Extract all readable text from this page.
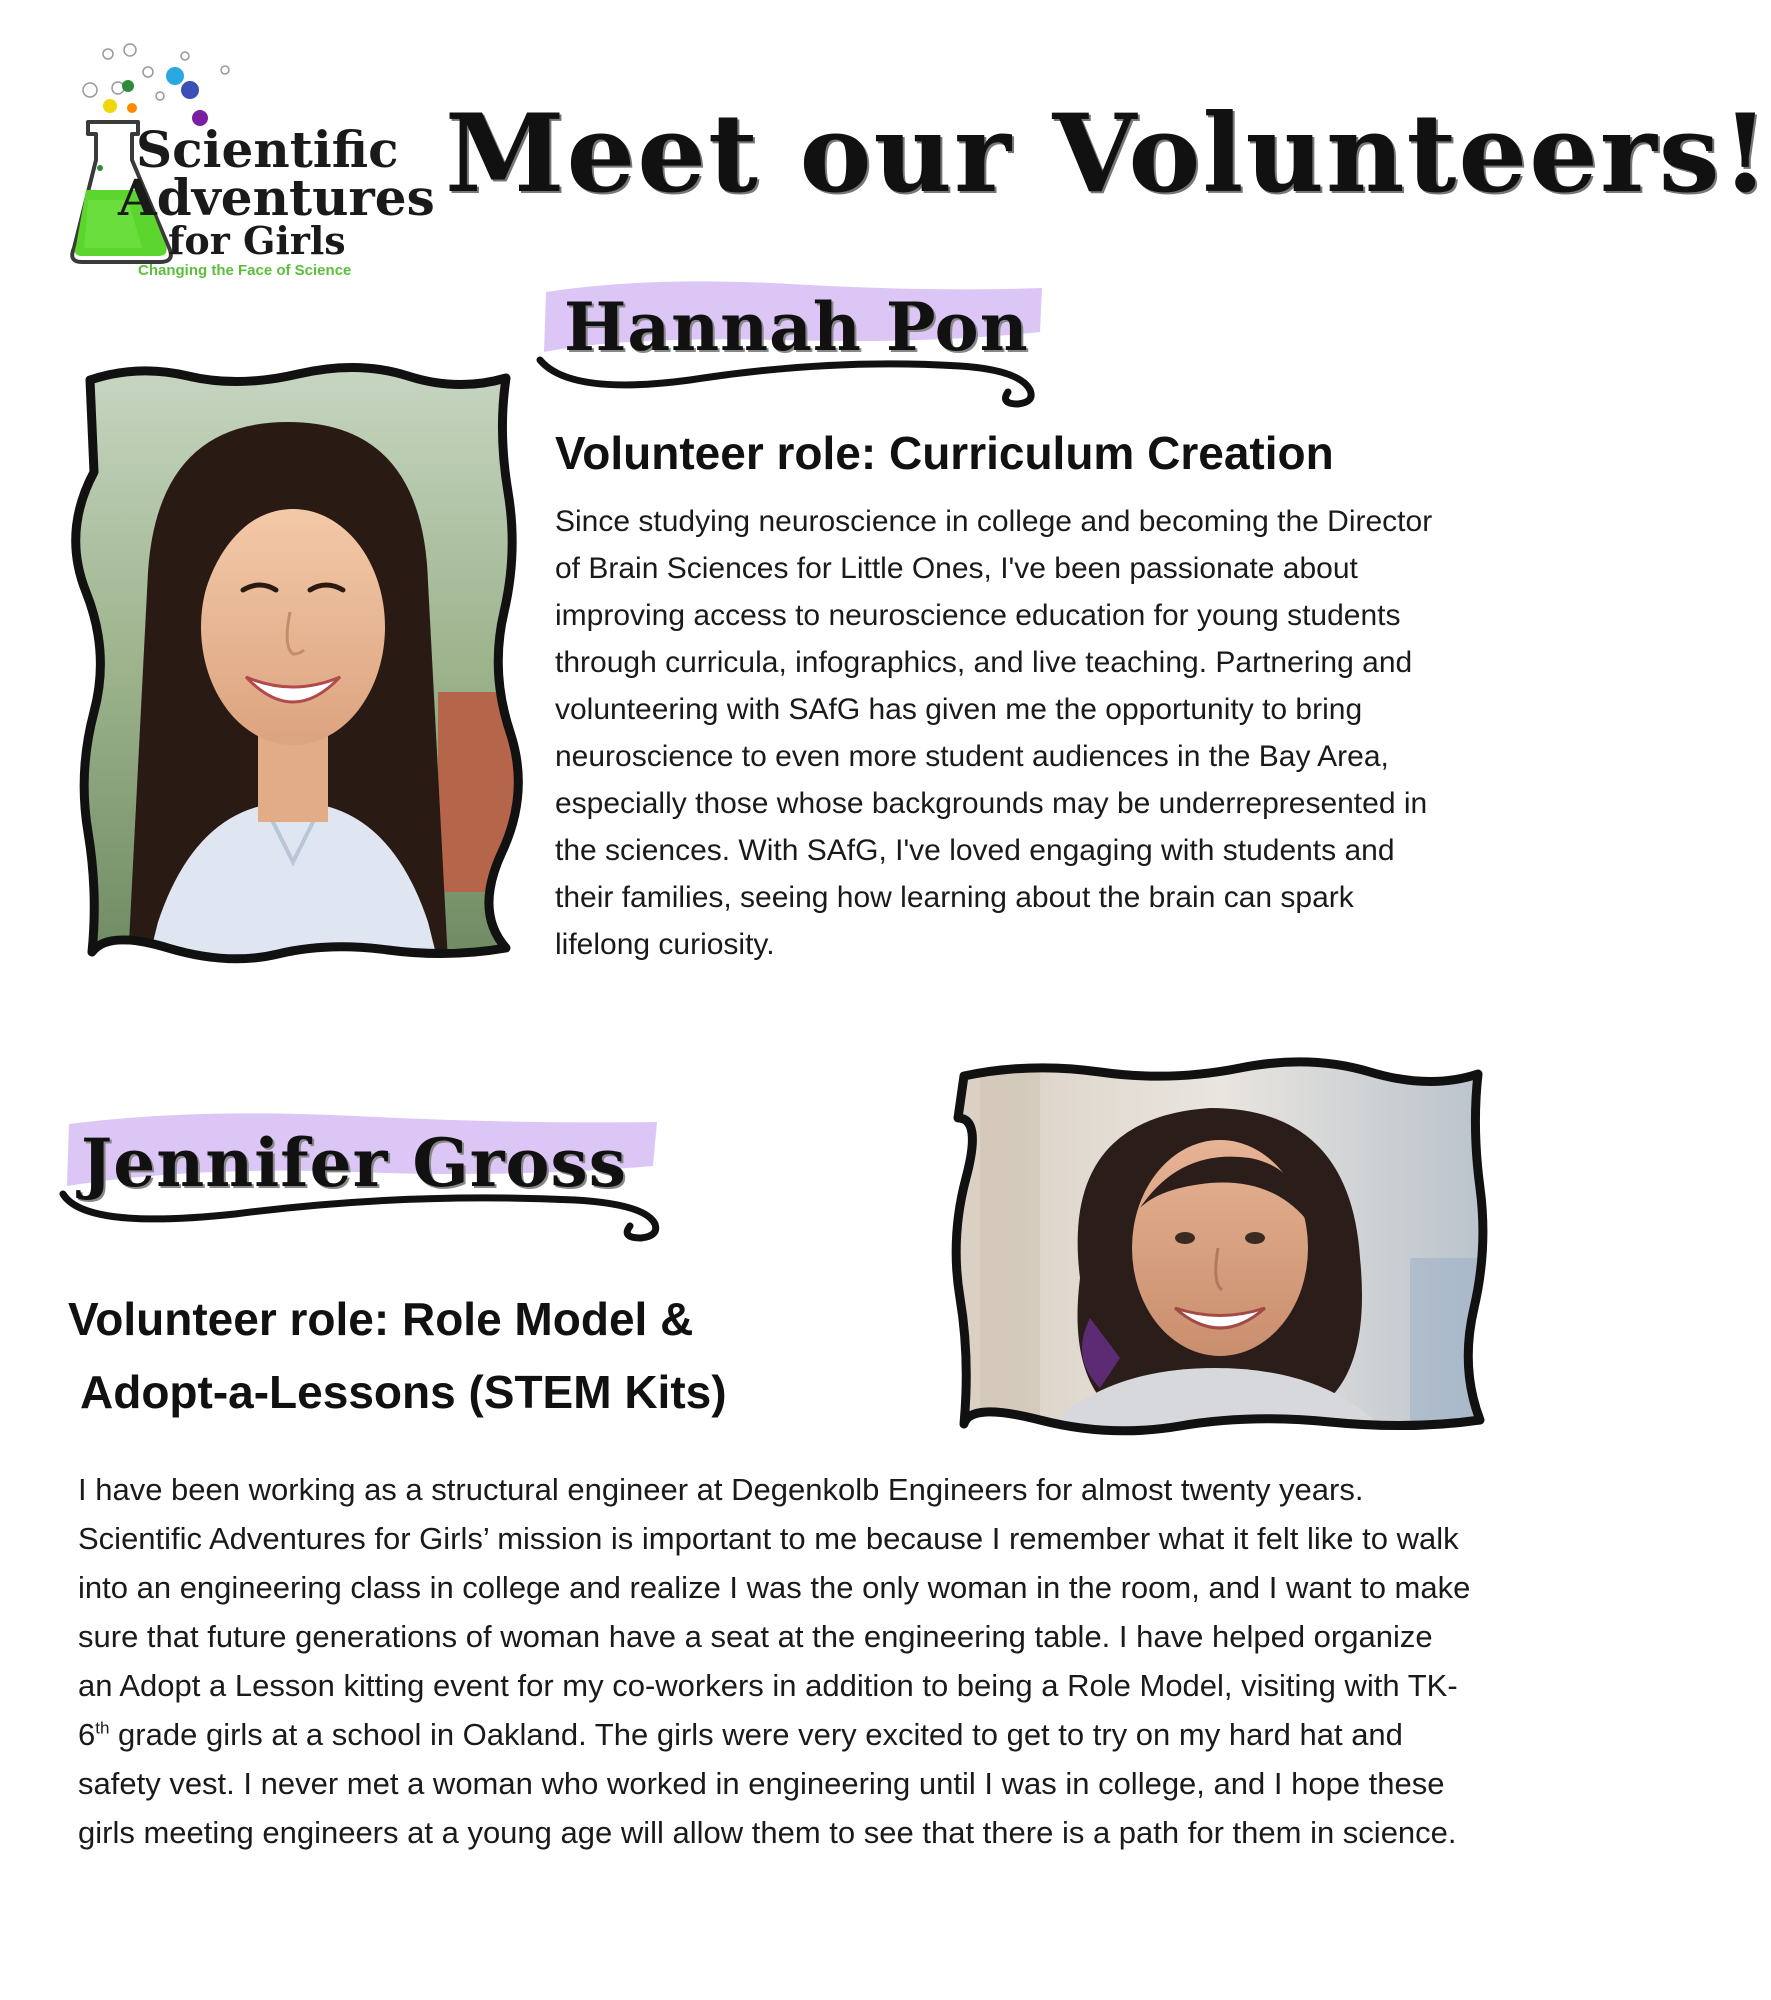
Scientific
Adventures
for Girls
Changing the Face of Science
Meet our Volunteers!
Hannah Pon
Volunteer role: Curriculum Creation

Since studying neuroscience in college and becoming the Director of Brain Sciences for Little Ones, I've been passionate about improving access to neuroscience education for young students through curricula, infographics, and live teaching. Partnering and volunteering with SAfG has given me the opportunity to bring neuroscience to even more student audiences in the Bay Area, especially those whose backgrounds may be underrepresented in the sciences. With SAfG, I've loved engaging with students and their families, seeing how learning about the brain can spark lifelong curiosity.

Jennifer Gross
Volunteer role: Role Model &
Adopt-a-Lessons (STEM Kits)

I have been working as a structural engineer at Degenkolb Engineers for almost twenty years. Scientific Adventures for Girls’ mission is important to me because I remember what it felt like to walk into an engineering class in college and realize I was the only woman in the room, and I want to make sure that future generations of woman have a seat at the engineering table. I have helped organize an Adopt a Lesson kitting event for my co-workers in addition to being a Role Model, visiting with TK-6th grade girls at a school in Oakland. The girls were very excited to get to try on my hard hat and safety vest. I never met a woman who worked in engineering until I was in college, and I hope these girls meeting engineers at a young age will allow them to see that there is a path for them in science.
